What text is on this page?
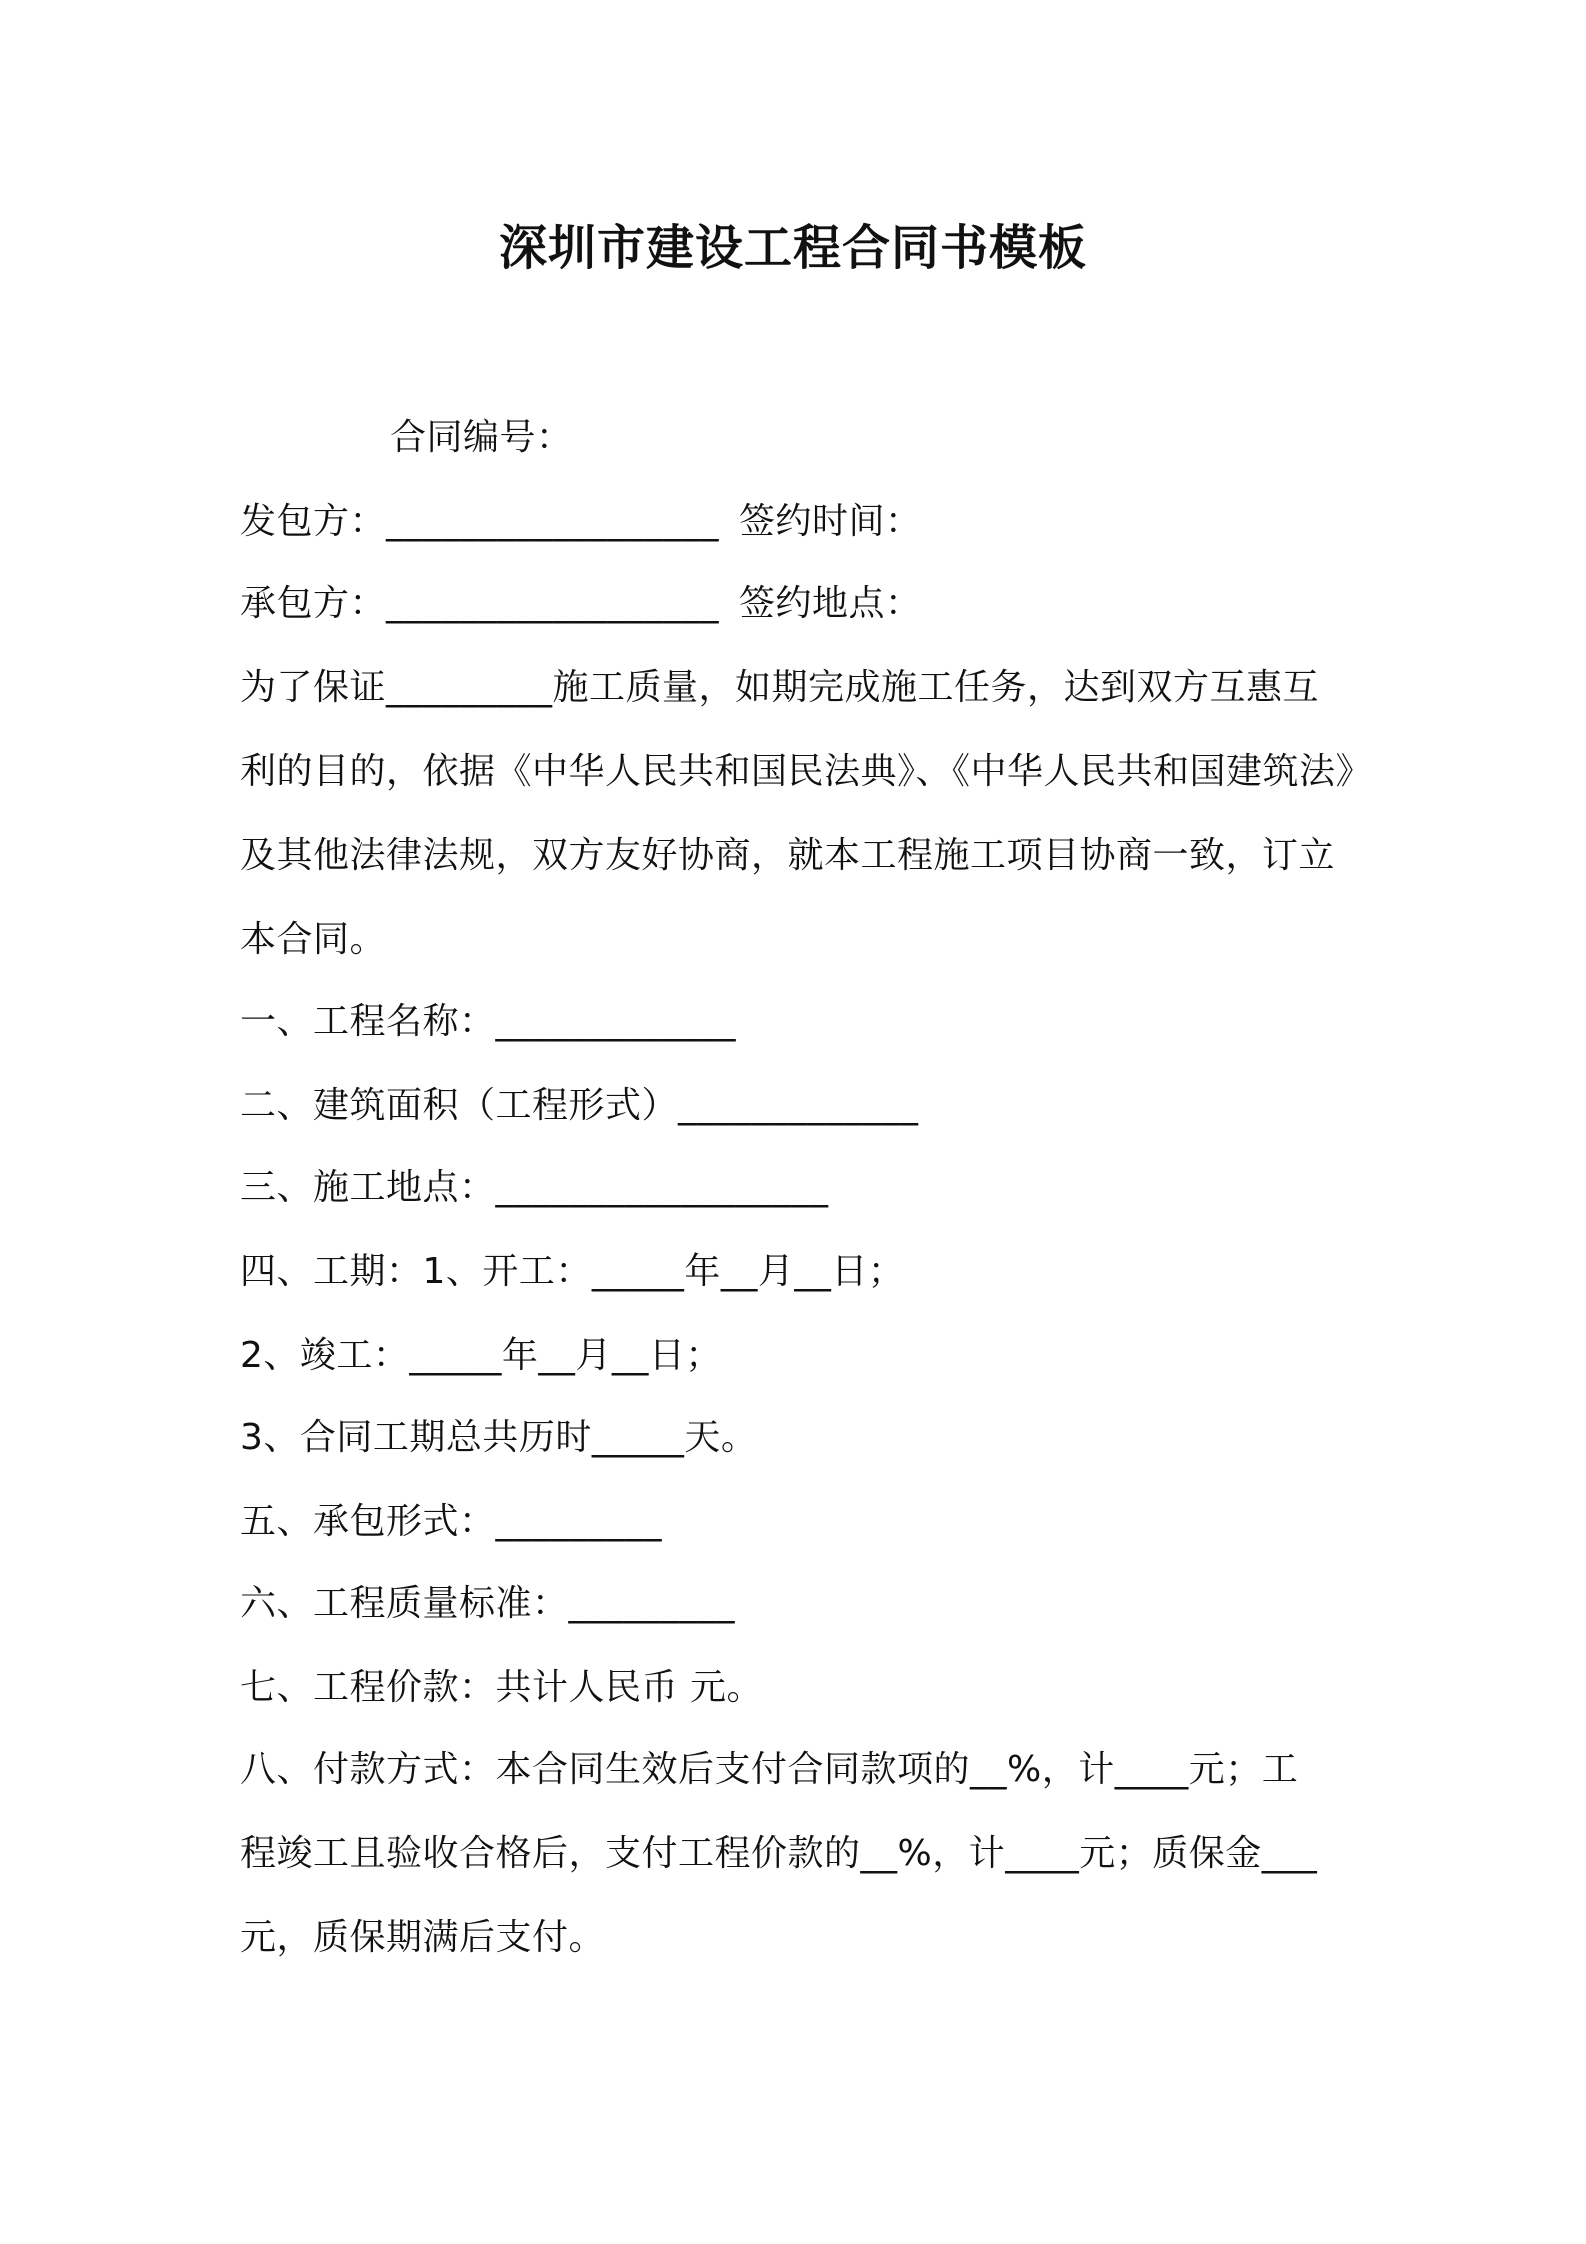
深圳市建设工程合同书模板
合同编号：
发包方：__________________ 签约时间：
承包方：__________________ 签约地点：
为了保证_________施工质量，如期完成施工任务，达到双方互惠互
利的目的，依据《中华人民共和国民法典》、《中华人民共和国建筑法》
及其他法律法规，双方友好协商，就本工程施工项目协商一致，订立
本合同。
一、工程名称：_____________
二、建筑面积（工程形式）_____________
三、施工地点：__________________
四、工期：1、开工：_____年__月__日；
2、竣工：_____年__月__日；
3、合同工期总共历时_____天。
五、承包形式：_________
六、工程质量标准：_________
七、工程价款：共计人民币 元。
八、付款方式：本合同生效后支付合同款项的__%，计____元；工
程竣工且验收合格后，支付工程价款的__%，计____元；质保金___
元，质保期满后支付。
